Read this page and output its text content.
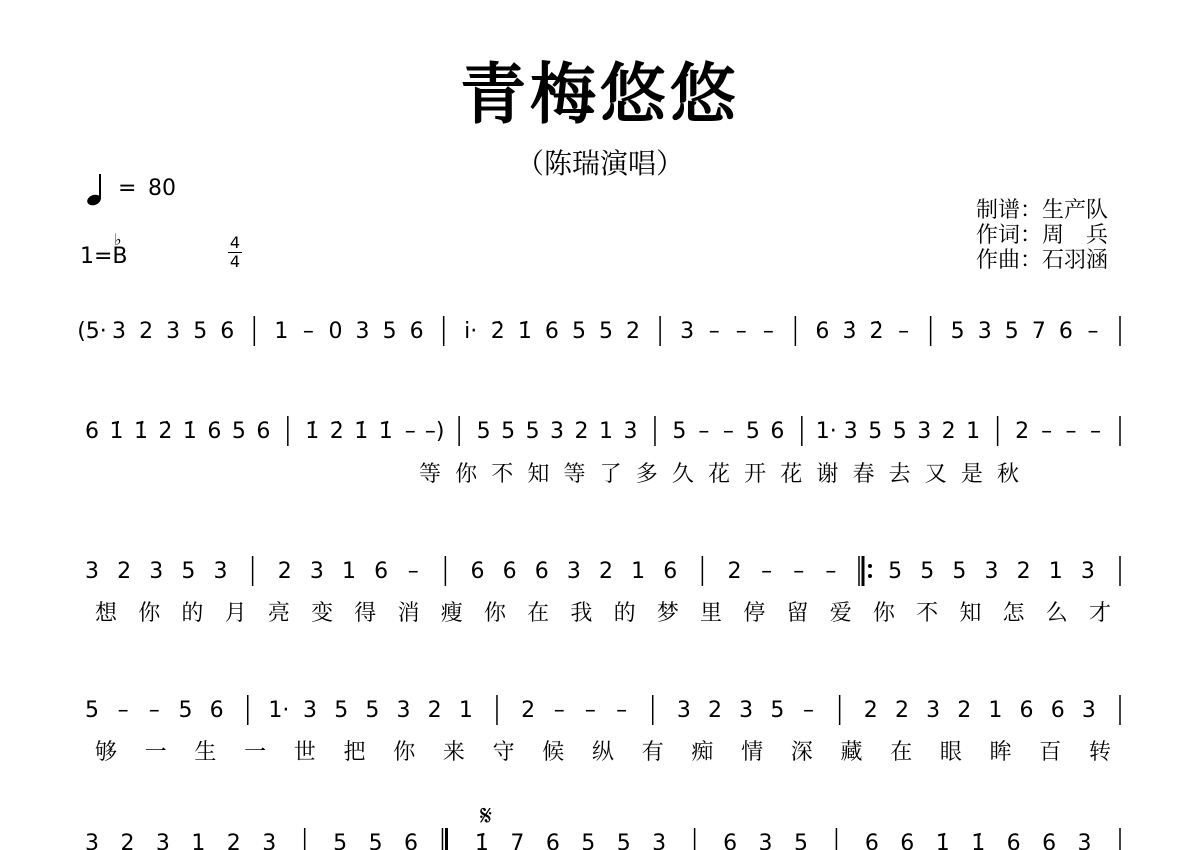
青梅悠悠
（陈瑞演唱）
= 80
1=B
♭	4
4
制谱：生产队
作词：周　兵
作曲：石羽涵
(5· 3 2 3 5 6 1 – 0 3 5 6 i· 2̇ 1̇ 6 5 5 2 3 – – – 6 3̇ 2̇ – 5 3 5 7 6 –
6 1̇ 1̇ 2̇ 1̇ 6 5 6 1̇ 2̇ 1̇ 1̇ – –) 5 5 5 3 2 1 3 5 – – 5 6 1· 3 5 5 3 2 1 2 – – –
等 你 不 知 等 了 多 久 花 开 花 谢 春 去 又 是 秋
3 2 3 5 3 2 3 1 6 – 6 6 6 3 2 1 6 2 – – – 5 5 5 3 2 1 3
想 你 的 月 亮 变 得 消 瘦 你 在 我 的 梦 里 停 留 爱 你 不 知 怎 么 才
5 – – 5 6 1· 3 5 5 3 2 1 2 – – – 3 2 3 5 – 2 2 3 2 1 6 6 3
够 一 生 一 世 把 你 来 守 候 纵 有 痴 情 深 藏 在 眼 眸 百 转
3 2 3 1 2 3	5 5 6	1̇ 7 6 5 5 3	6 3 5	6 6 1̇ 1̇ 6 6 3
𝄋
